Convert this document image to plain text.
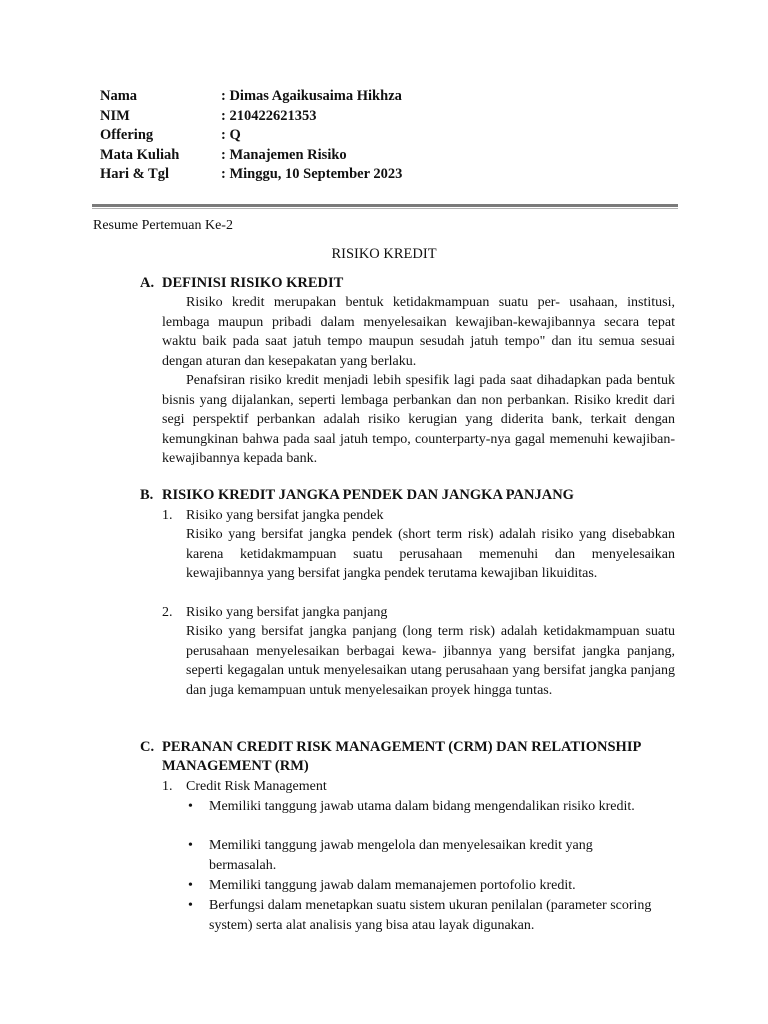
Nama	: Dimas Agaikusaima Hikhza
NIM	: 210422621353
Offering	: Q
Mata Kuliah	: Manajemen Risiko
Hari & Tgl	: Minggu, 10 September 2023
Resume Pertemuan Ke-2
RISIKO KREDIT
A. DEFINISI RISIKO KREDIT
Risiko kredit merupakan bentuk ketidakmampuan suatu per- usahaan, institusi, lembaga maupun pribadi dalam menyelesaikan kewajiban-kewajibannya secara tepat waktu baik pada saat jatuh tempo maupun sesudah jatuh tempo" dan itu semua sesuai dengan aturan dan kesepakatan yang berlaku.
Penafsiran risiko kredit menjadi lebih spesifik lagi pada saat dihadapkan pada bentuk bisnis yang dijalankan, seperti lembaga perbankan dan non perbankan. Risiko kredit dari segi perspektif perbankan adalah risiko kerugian yang diderita bank, terkait dengan kemungkinan bahwa pada saal jatuh tempo, counterparty-nya gagal memenuhi kewajiban-kewajibannya kepada bank.
B. RISIKO KREDIT JANGKA PENDEK DAN JANGKA PANJANG
1. Risiko yang bersifat jangka pendek
Risiko yang bersifat jangka pendek (short term risk) adalah risiko yang disebabkan karena ketidakmampuan suatu perusahaan memenuhi dan menyelesaikan kewajibannya yang bersifat jangka pendek terutama kewajiban likuiditas.
2. Risiko yang bersifat jangka panjang
Risiko yang bersifat jangka panjang (long term risk) adalah ketidakmampuan suatu perusahaan menyelesaikan berbagai kewa- jibannya yang bersifat jangka panjang, seperti kegagalan untuk menyelesaikan utang perusahaan yang bersifat jangka panjang dan juga kemampuan untuk menyelesaikan proyek hingga tuntas.
C. PERANAN CREDIT RISK MANAGEMENT (CRM) DAN RELATIONSHIP
MANAGEMENT (RM)
1. Credit Risk Management
• Memiliki tanggung jawab utama dalam bidang mengendalikan risiko kredit.
• Memiliki tanggung jawab mengelola dan menyelesaikan kredit yang bermasalah.
• Memiliki tanggung jawab dalam memanajemen portofolio kredit.
• Berfungsi dalam menetapkan suatu sistem ukuran penilalan (parameter scoring system) serta alat analisis yang bisa atau layak digunakan.
